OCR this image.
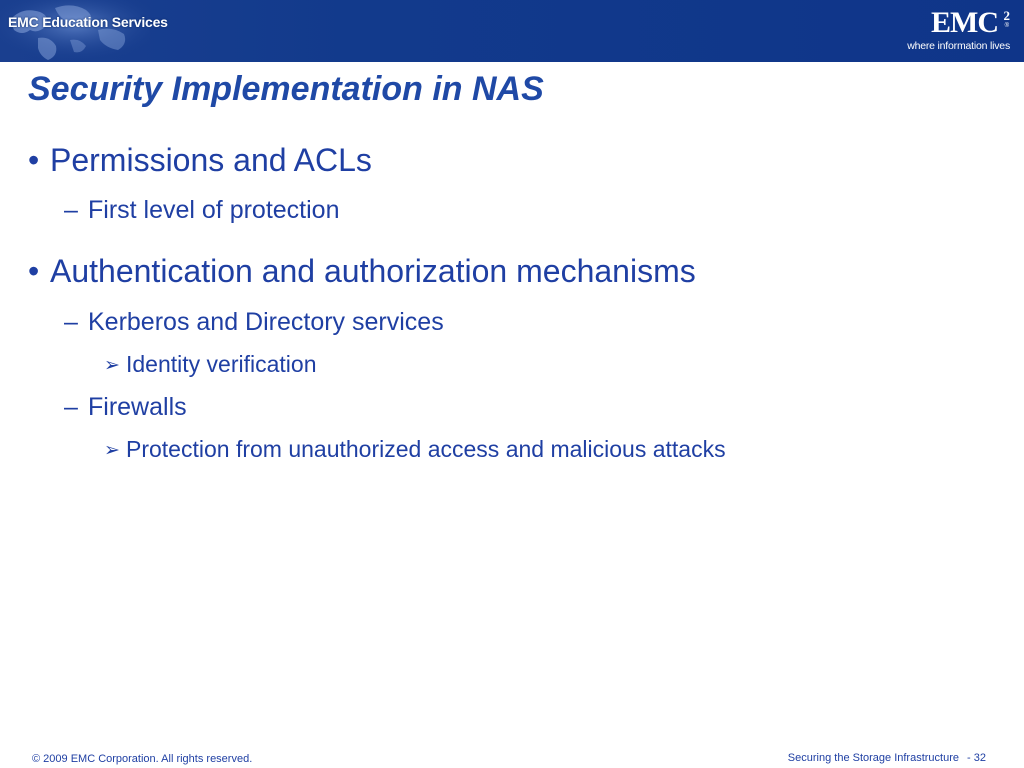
EMC Education Services	EMC 2
®
where information lives
Security Implementation in NAS
• Permissions and ACLs
– First level of protection
• Authentication and authorization mechanisms
– Kerberos and Directory services
➢ Identity verification
– Firewalls
➢ Protection from unauthorized access and malicious attacks
© 2009 EMC Corporation. All rights reserved.	Securing the Storage Infrastructure - 32
